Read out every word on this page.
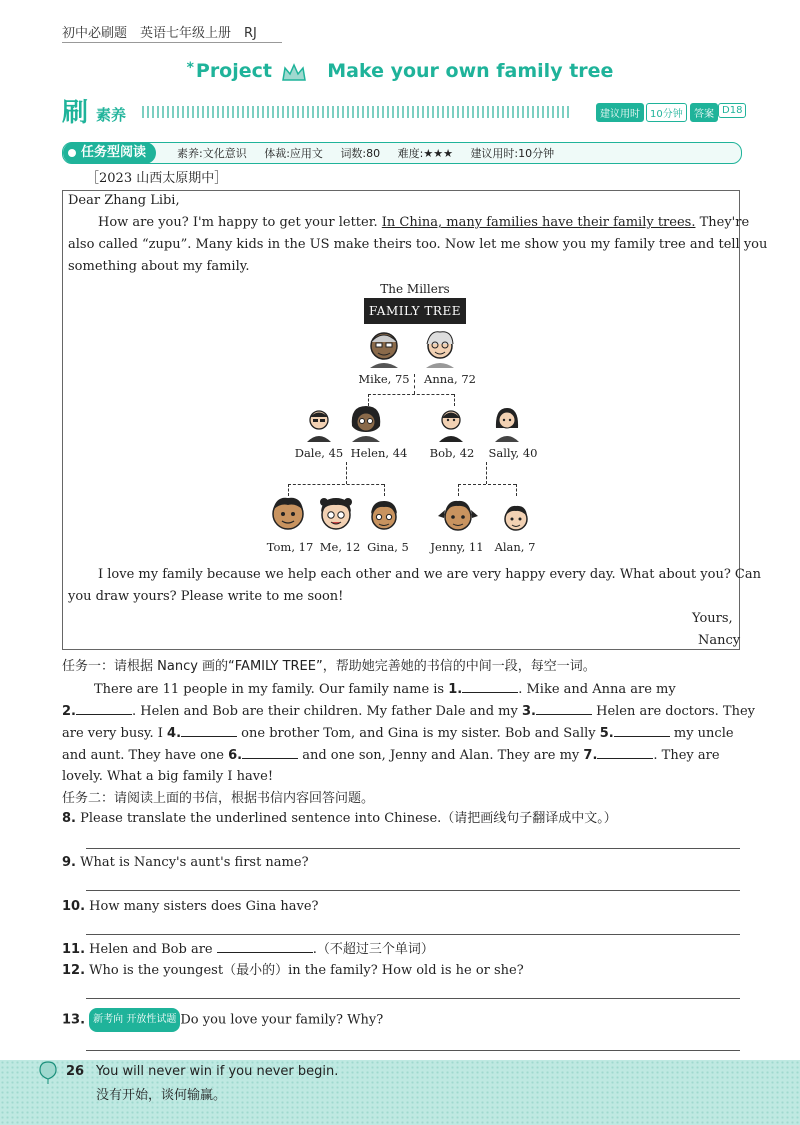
初中必刷题　英语七年级上册　RJ
* Project	Make your own family tree
刷 素养	建议用时	10分钟	答案 D18
任务型阅读	素养:文化意识 体裁:应用文 词数:80 难度:★★★ 建议用时:10分钟
［2023 山西太原期中］
Dear Zhang Libi,
How are you? I'm happy to get your letter. In China, many families have their family trees. They're
also called “zupu”. Many kids in the US make theirs too. Now let me show you my family tree and tell you
something about my family.
The Millers
FAMILY TREE
Mike, 75	Anna, 72
Dale, 45 Helen, 44	Bob, 42	Sally, 40
Tom, 17 Me, 12 Gina, 5	Jenny, 11 Alan, 7
I love my family because we help each other and we are very happy every day. What about you? Can
you draw yours? Please write to me soon!
Yours,
Nancy
任务一：请根据 Nancy 画的“FAMILY TREE”，帮助她完善她的书信的中间一段，每空一词。
There are 11 people in my family. Our family name is 1.	. Mike and Anna are my
2.	. Helen and Bob are their children. My father Dale and my 3.	Helen are doctors. They
are very busy. I 4.	one brother Tom, and Gina is my sister. Bob and Sally 5.	my uncle
and aunt. They have one 6.	and one son, Jenny and Alan. They are my 7.	. They are
lovely. What a big family I have!
任务二：请阅读上面的书信，根据书信内容回答问题。
8. Please translate the underlined sentence into Chinese.（请把画线句子翻译成中文。）
9. What is Nancy's aunt's first name?
10. How many sisters does Gina have?
11. Helen and Bob are	.（不超过三个单词）
12. Who is the youngest（最小的）in the family? How old is he or she?
13. 新考向 开放性试题 Do you love your family? Why?
26 You will never win if you never begin.
没有开始，谈何输赢。
